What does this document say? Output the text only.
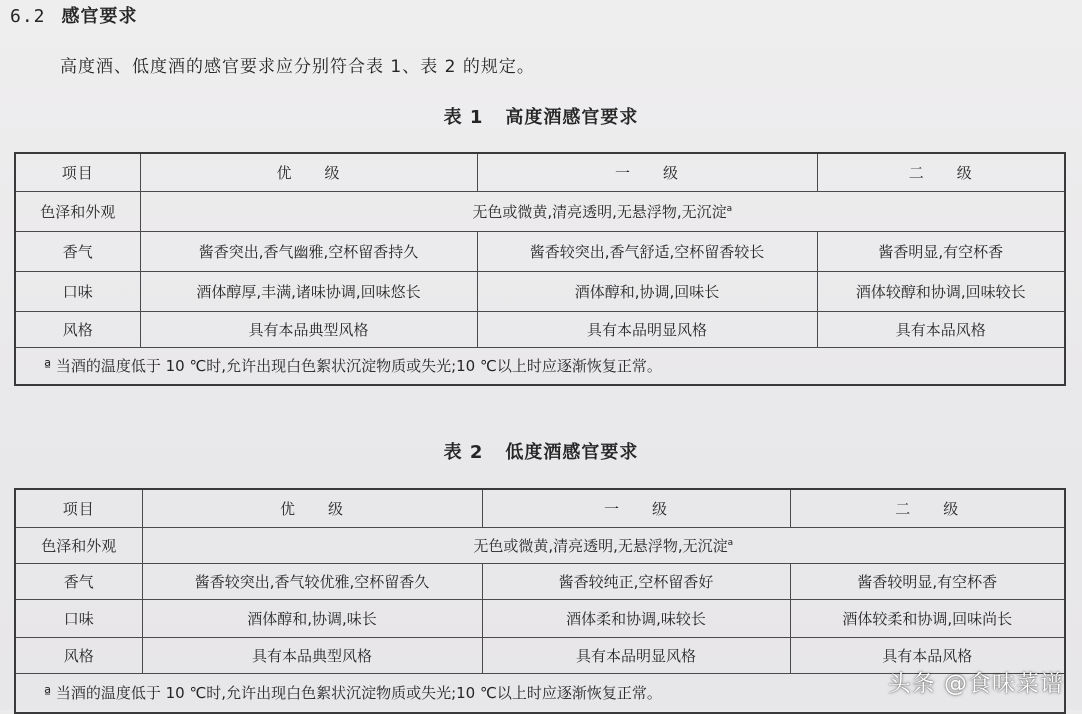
6.2 感官要求
高度酒、低度酒的感官要求应分别符合表 1、表 2 的规定。
表 1 高度酒感官要求
项目	优　　级	一　　级	二　　级
色泽和外观	无色或微黄,清亮透明,无悬浮物,无沉淀$^a$
香气	酱香突出,香气幽雅,空杯留香持久	酱香较突出,香气舒适,空杯留香较长	酱香明显,有空杯香
口味	酒体醇厚,丰满,诸味协调,回味悠长	酒体醇和,协调,回味长	酒体较醇和协调,回味较长
风格	具有本品典型风格	具有本品明显风格	具有本品风格
ª 当酒的温度低于 10 ℃时,允许出现白色絮状沉淀物质或失光;10 ℃以上时应逐渐恢复正常。			
表 2 低度酒感官要求
项目	优　　级	一　　级	二　　级
色泽和外观	无色或微黄,清亮透明,无悬浮物,无沉淀$^a$
香气	酱香较突出,香气较优雅,空杯留香久	酱香较纯正,空杯留香好	酱香较明显,有空杯香
口味	酒体醇和,协调,味长	酒体柔和协调,味较长	酒体较柔和协调,回味尚长
风格	具有本品典型风格	具有本品明显风格	具有本品风格
ª 当酒的温度低于 10 ℃时,允许出现白色絮状沉淀物质或失光;10 ℃以上时应逐渐恢复正常。				头条 @食味菜谱
